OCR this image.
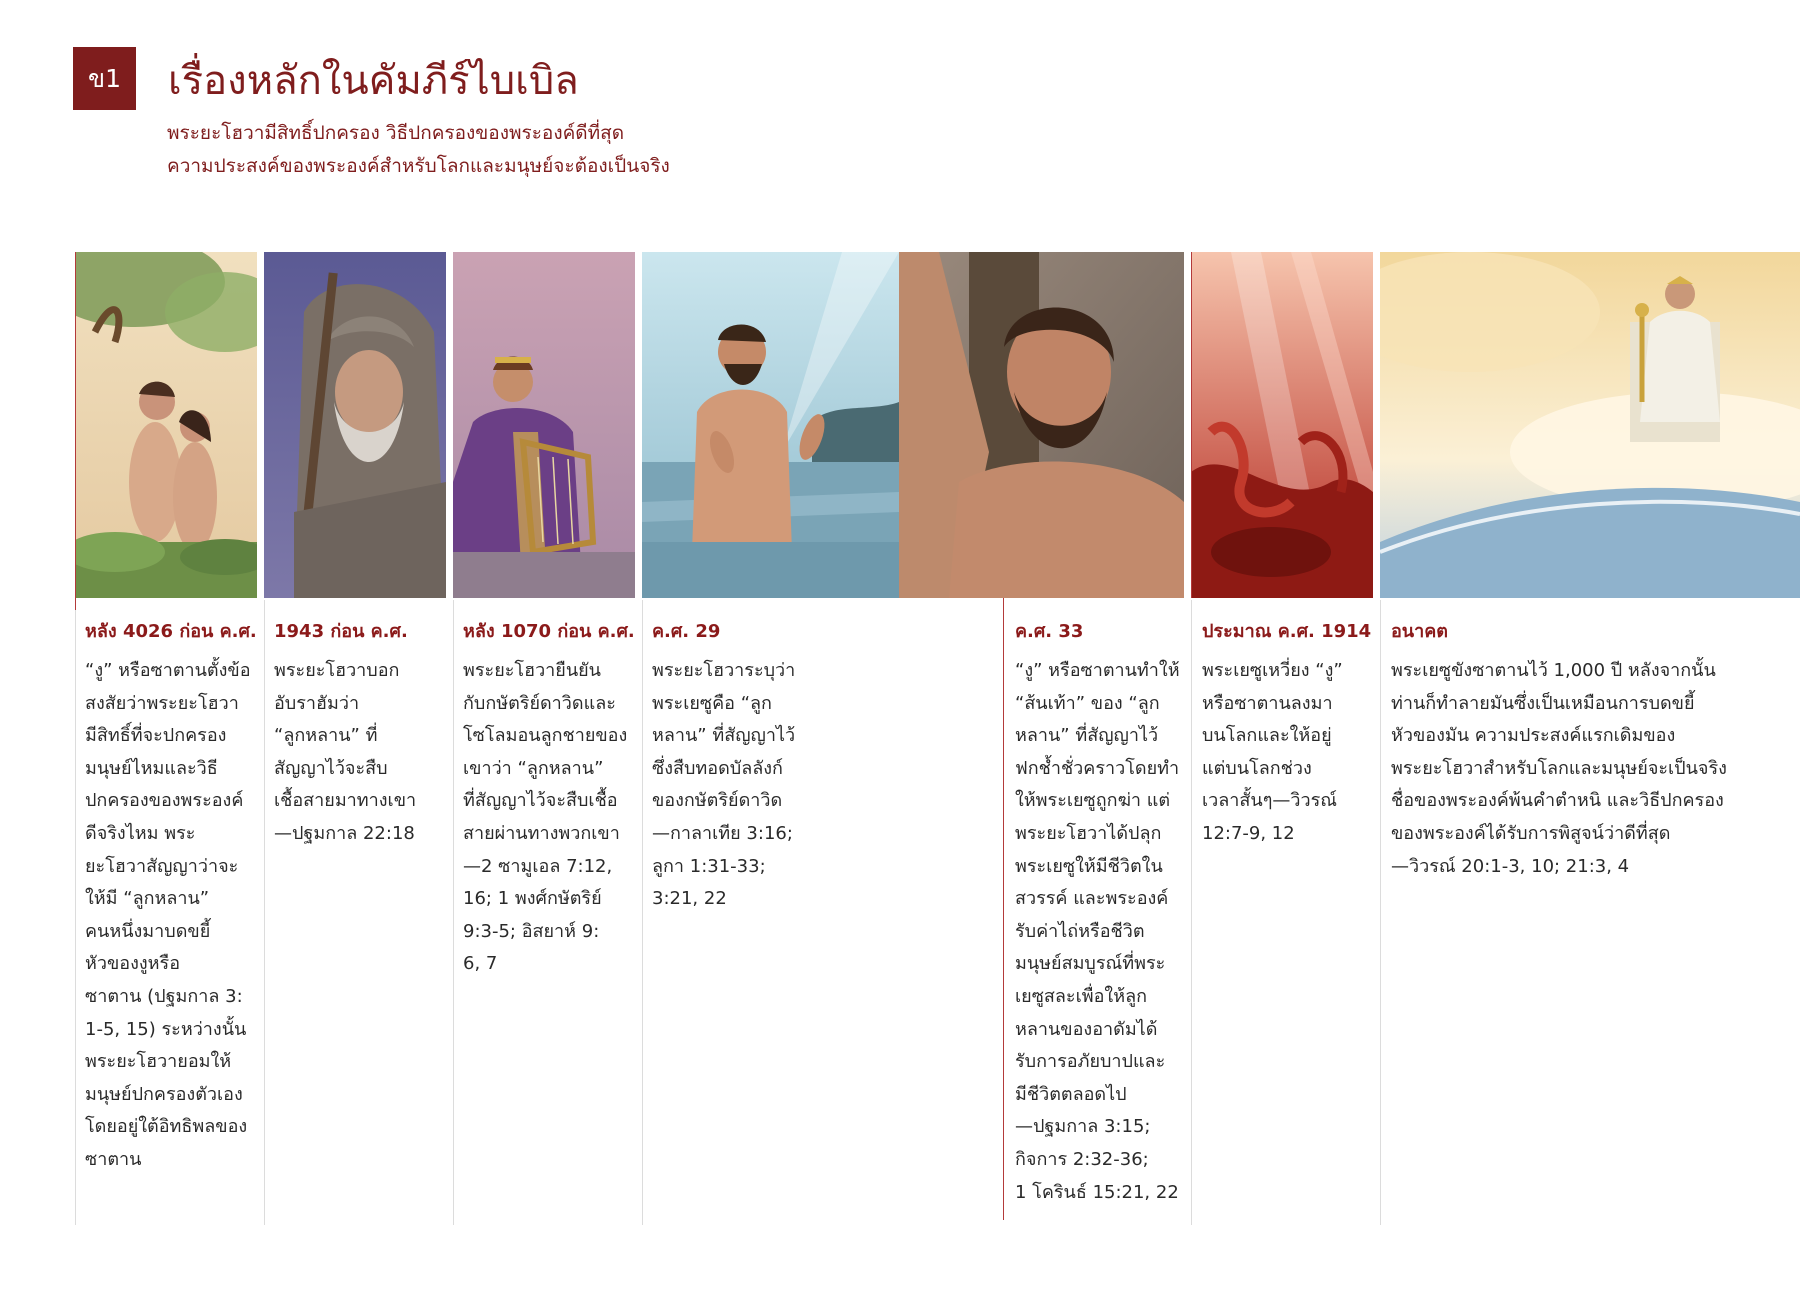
ข1	เรื่องหลักในคัมภีร์ไบเบิล
พระยะโฮวามีสิทธิ์ปกครอง วิธีปกครองของพระองค์ดีที่สุด
ความประสงค์ของพระองค์สำหรับโลกและมนุษย์จะต้องเป็นจริง
หลัง 4026 ก่อน ค.ศ.
“งู” หรือซาตานตั้งข้อ
สงสัยว่าพระยะโฮวา
มีสิทธิ์ที่จะปกครอง
มนุษย์ไหมและวิธี
ปกครองของพระองค์
ดีจริงไหม พระ
ยะโฮวาสัญญาว่าจะ
ให้มี “ลูกหลาน”
คนหนึ่งมาบดขยี้
หัวของงูหรือ
ซาตาน (ปฐมกาล 3:
1-5, 15) ระหว่างนั้น
พระยะโฮวายอมให้
มนุษย์ปกครองตัวเอง
โดยอยู่ใต้อิทธิพลของ
ซาตาน
1943 ก่อน ค.ศ.
พระยะโฮวาบอก
อับราฮัมว่า
“ลูกหลาน” ที่
สัญญาไว้จะสืบ
เชื้อสายมาทางเขา
—ปฐมกาล 22:18
หลัง 1070 ก่อน ค.ศ.
พระยะโฮวายืนยัน
กับกษัตริย์ดาวิดและ
โซโลมอนลูกชายของ
เขาว่า “ลูกหลาน”
ที่สัญญาไว้จะสืบเชื้อ
สายผ่านทางพวกเขา
—2 ซามูเอล 7:12,
16; 1 พงศ์กษัตริย์
9:3-5; อิสยาห์ 9:
6, 7
ค.ศ. 29
พระยะโฮวาระบุว่า
พระเยซูคือ “ลูก
หลาน” ที่สัญญาไว้
ซึ่งสืบทอดบัลลังก์
ของกษัตริย์ดาวิด
—กาลาเทีย 3:16;
ลูกา 1:31-33;
3:21, 22
ค.ศ. 33
“งู” หรือซาตานทำให้
“ส้นเท้า” ของ “ลูก
หลาน” ที่สัญญาไว้
ฟกช้ำชั่วคราวโดยทำ
ให้พระเยซูถูกฆ่า แต่
พระยะโฮวาได้ปลุก
พระเยซูให้มีชีวิตใน
สวรรค์ และพระองค์
รับค่าไถ่หรือชีวิต
มนุษย์สมบูรณ์ที่พระ
เยซูสละเพื่อให้ลูก
หลานของอาดัมได้
รับการอภัยบาปและ
มีชีวิตตลอดไป
—ปฐมกาล 3:15;
กิจการ 2:32-36;
1 โครินธ์ 15:21, 22
ประมาณ ค.ศ. 1914
พระเยซูเหวี่ยง “งู”
หรือซาตานลงมา
บนโลกและให้อยู่
แต่บนโลกช่วง
เวลาสั้นๆ—วิวรณ์
12:7-9, 12
อนาคต
พระเยซูขังซาตานไว้ 1,000 ปี หลังจากนั้น
ท่านก็ทำลายมันซึ่งเป็นเหมือนการบดขยี้
หัวของมัน ความประสงค์แรกเดิมของ
พระยะโฮวาสำหรับโลกและมนุษย์จะเป็นจริง
ชื่อของพระองค์พ้นคำตำหนิ และวิธีปกครอง
ของพระองค์ได้รับการพิสูจน์ว่าดีที่สุด
—วิวรณ์ 20:1-3, 10; 21:3, 4
